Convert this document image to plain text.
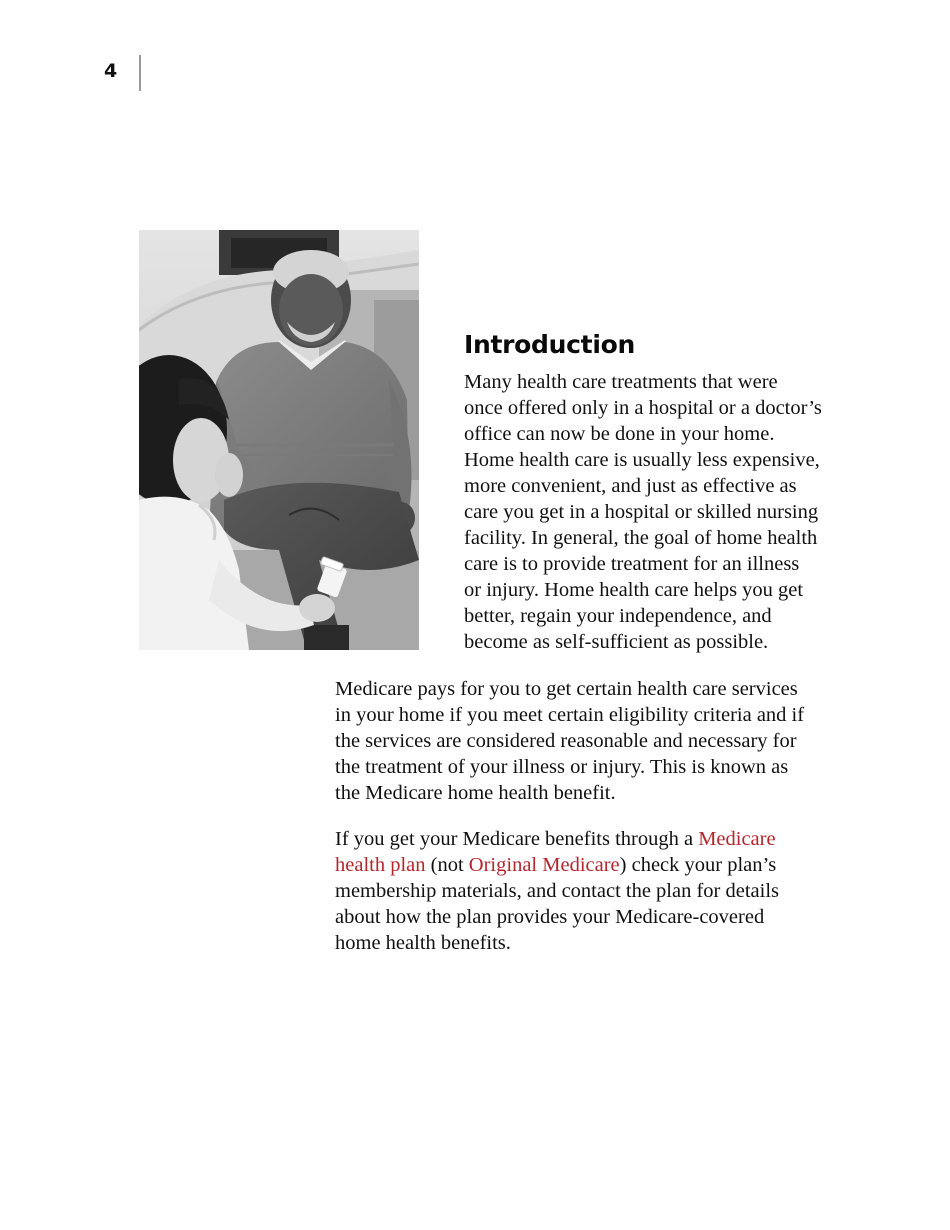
4
Introduction

Many health care treatments that were
once offered only in a hospital or a doctor’s
office can now be done in your home.
Home health care is usually less expensive,
more convenient, and just as effective as
care you get in a hospital or skilled nursing
facility. In general, the goal of home health
care is to provide treatment for an illness
or injury. Home health care helps you get
better, regain your independence, and
become as self-sufficient as possible.

Medicare pays for you to get certain health care services
in your home if you meet certain eligibility criteria and if
the services are considered reasonable and necessary for
the treatment of your illness or injury. This is known as
the Medicare home health benefit.

If you get your Medicare benefits through a Medicare
health plan (not Original Medicare) check your plan’s
membership materials, and contact the plan for details
about how the plan provides your Medicare-covered
home health benefits.
